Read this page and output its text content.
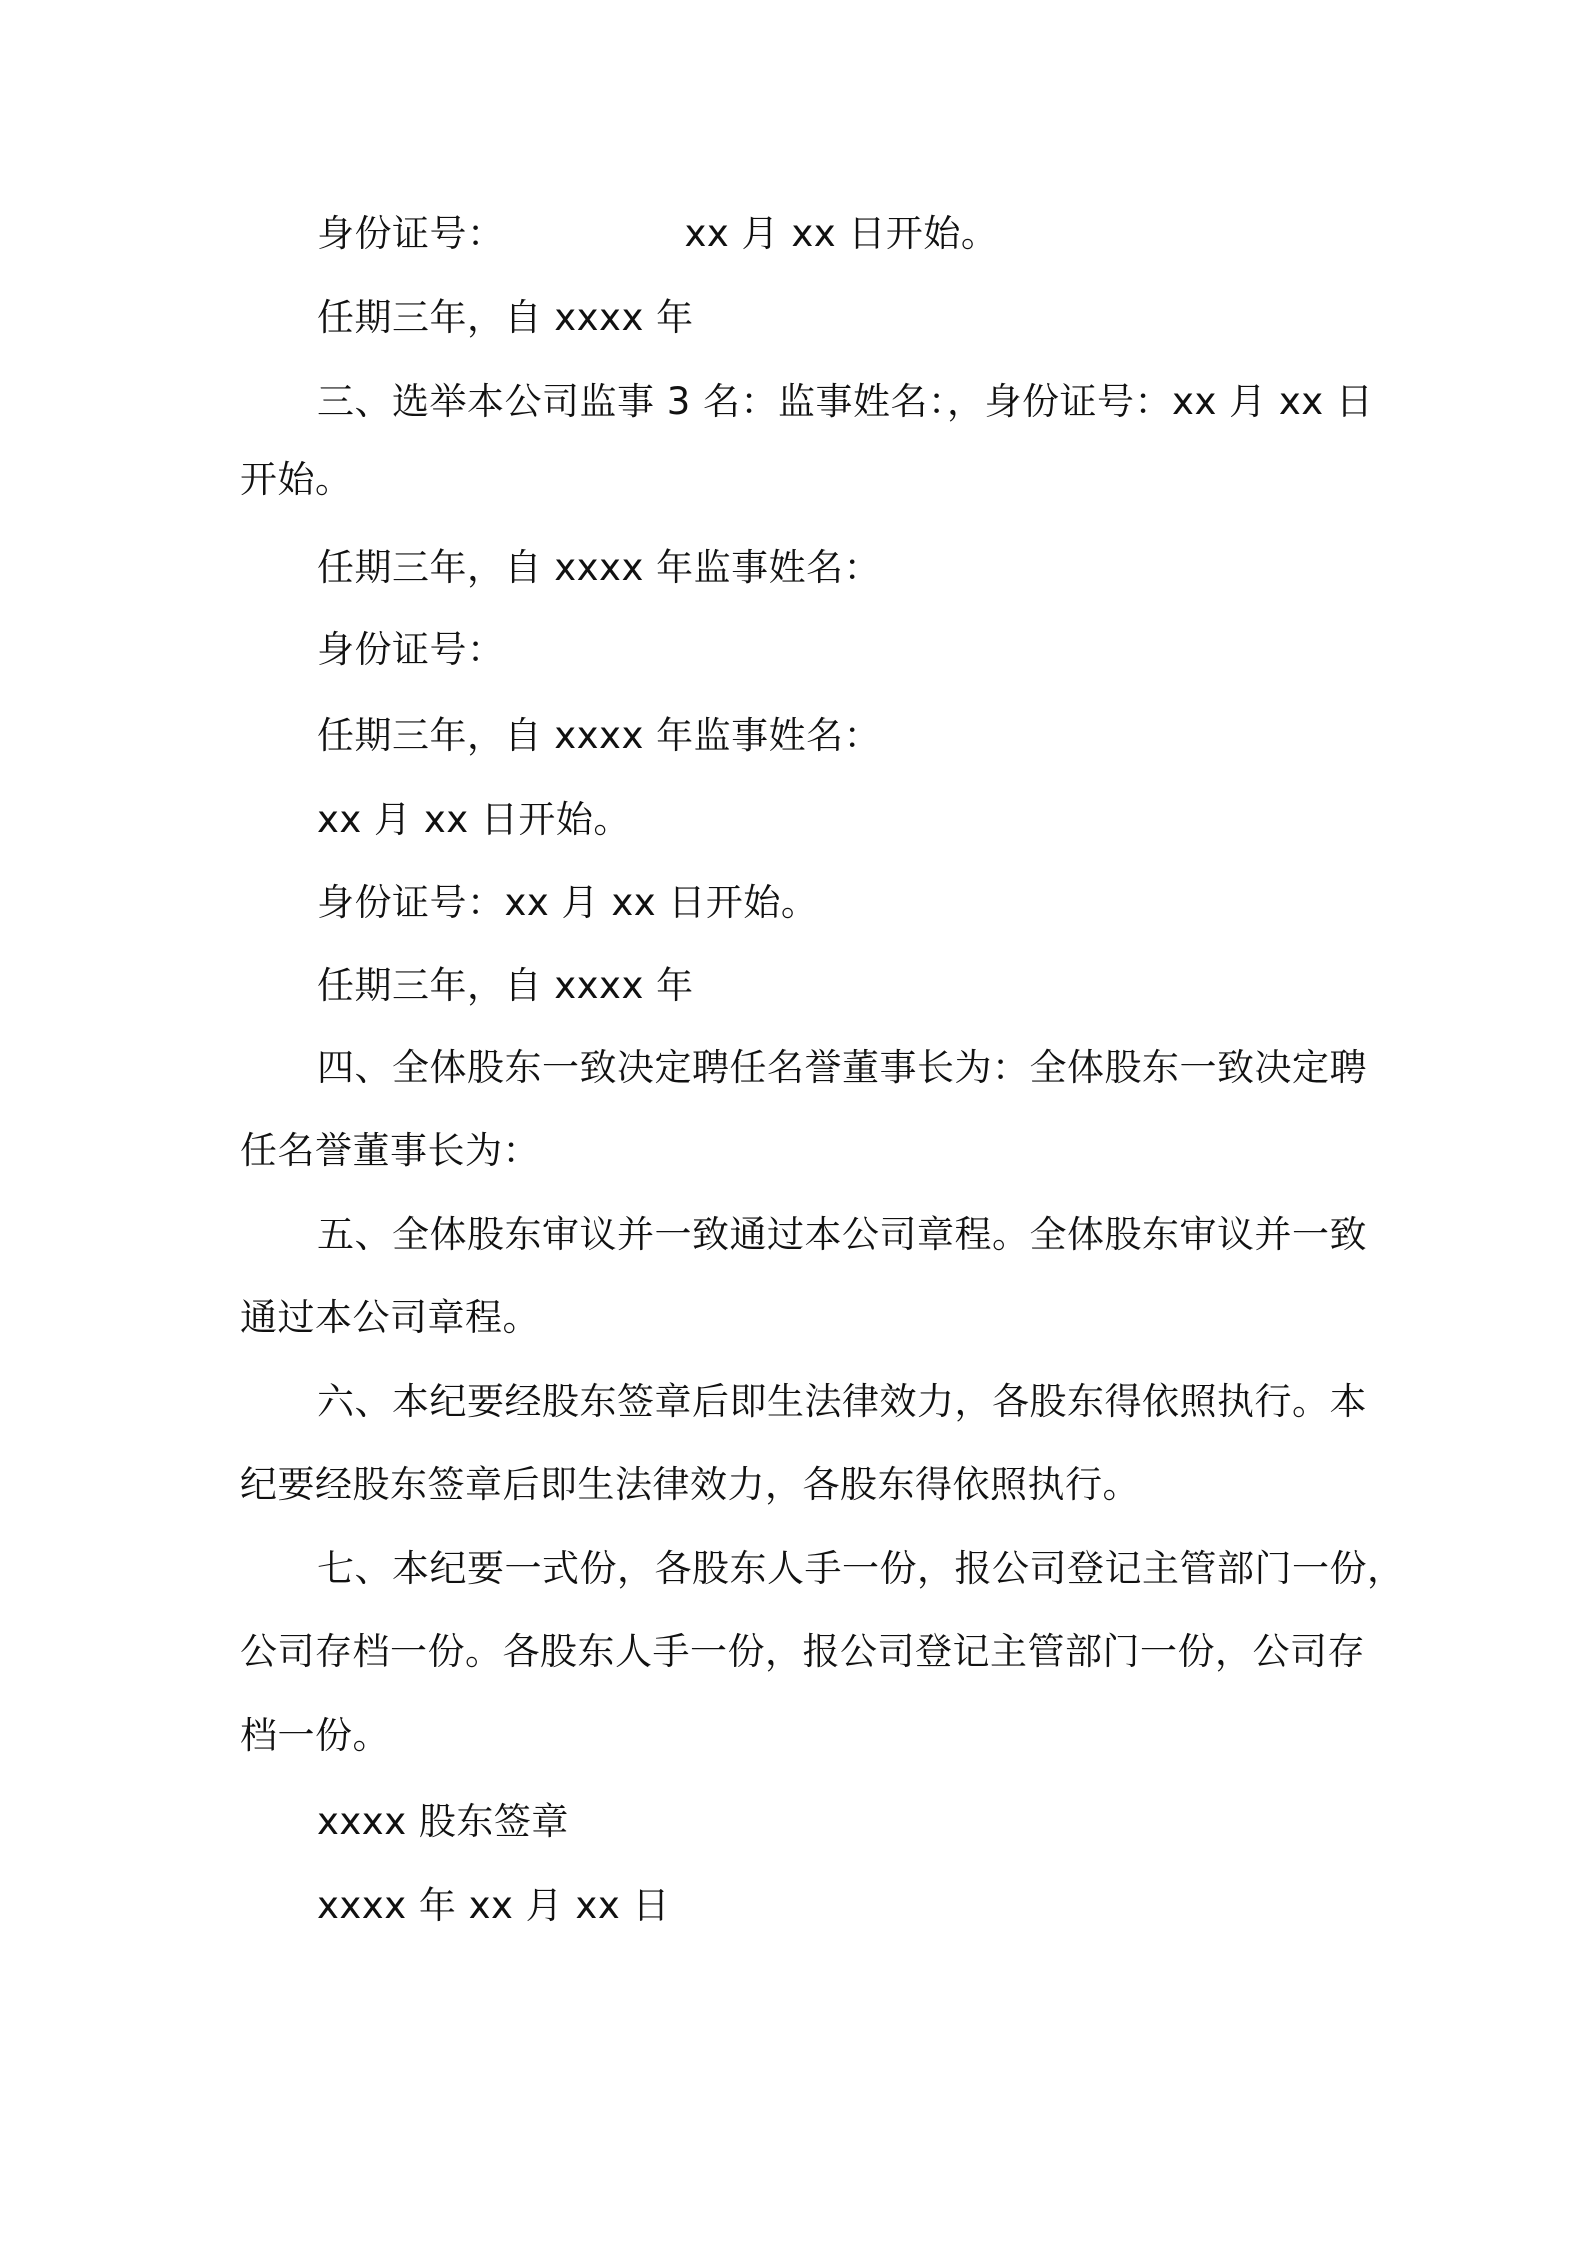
身份证号：	xx 月 xx 日开始。
任期三年，自 xxxx 年
三、选举本公司监事 3 名：监事姓名：，身份证号：xx 月 xx 日
开始。
任期三年，自 xxxx 年监事姓名：
身份证号：
任期三年，自 xxxx 年监事姓名：
xx 月 xx 日开始。
身份证号：xx 月 xx 日开始。
任期三年，自 xxxx 年
四、全体股东一致决定聘任名誉董事长为：全体股东一致决定聘
任名誉董事长为：
五、全体股东审议并一致通过本公司章程。全体股东审议并一致
通过本公司章程。
六、本纪要经股东签章后即生法律效力，各股东得依照执行。本
纪要经股东签章后即生法律效力，各股东得依照执行。
七、本纪要一式份，各股东人手一份，报公司登记主管部门一份，
公司存档一份。各股东人手一份，报公司登记主管部门一份，公司存
档一份。
xxxx 股东签章
xxxx 年 xx 月 xx 日
